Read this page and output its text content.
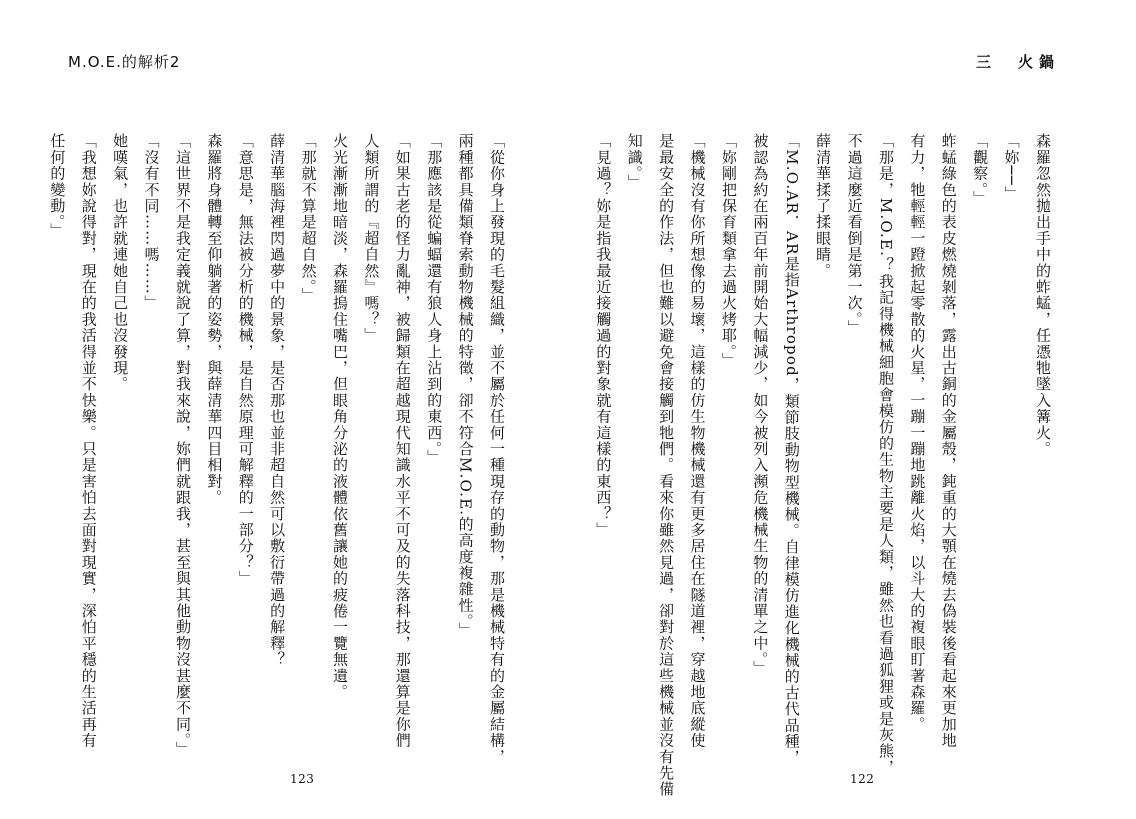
M.O.E.的解析2

「從你身上發現的毛髮組織，並不屬於任何一種現存的動物，那是機械特有的金屬結構，

兩種都具備類脊索動物機械的特徵，卻不符合M.O.E.的高度複雜性。」

「那應該是從蝙蝠還有狼人身上沾到的東西。」

「如果古老的怪力亂神，被歸類在超越現代知識水平不可及的失落科技，那還算是你們

人類所謂的『超自然』嗎？」

火光漸漸地暗淡，森羅摀住嘴巴，但眼角分泌的液體依舊讓她的疲倦一覽無遺。

「那就不算是超自然。」

薛清華腦海裡閃過夢中的景象，是否那也並非超自然可以敷衍帶過的解釋？

「意思是，無法被分析的機械，是自然原理可解釋的一部分？」

森羅將身體轉至仰躺著的姿勢，與薛清華四目相對。

「這世界不是我定義就說了算，對我來說，妳們就跟我，甚至與其他動物沒甚麼不同。」

「沒有不同……嗎……」

她嘆氣，也許就連她自己也沒發現。

「我想妳說得對，現在的我活得並不快樂。只是害怕去面對現實，深怕平穩的生活再有

任何的變動。」

123
三　火鍋

森羅忽然拋出手中的蚱蜢，任憑牠墜入篝火。

「妳──」

「觀察。」

蚱蜢綠色的表皮燃燒剝落，露出古銅的金屬殼，鈍重的大顎在燒去偽裝後看起來更加地

有力，牠輕輕一蹬掀起零散的火星，一蹦一蹦地跳離火焰，以斗大的複眼盯著森羅。

「那是，M.O.E.？我記得機械細胞會模仿的生物主要是人類，雖然也看過狐狸或是灰熊，

不過這麼近看倒是第一次。」

薛清華揉了揉眼睛。

「M.O.AR．AR是指Arthropod，類節肢動物型機械。自律模仿進化機械的古代品種，

被認為約在兩百年前開始大幅減少，如今被列入瀕危機械生物的清單之中。」

「妳剛把保育類拿去過火烤耶。」

「機械沒有你所想像的易壞，這樣的仿生物機械還有更多居住在隧道裡，穿越地底縱使

是最安全的作法，但也難以避免會接觸到牠們。看來你雖然見過，卻對於這些機械並沒有先備

知識。」

「見過？妳是指我最近接觸過的對象就有這樣的東西？」

122
